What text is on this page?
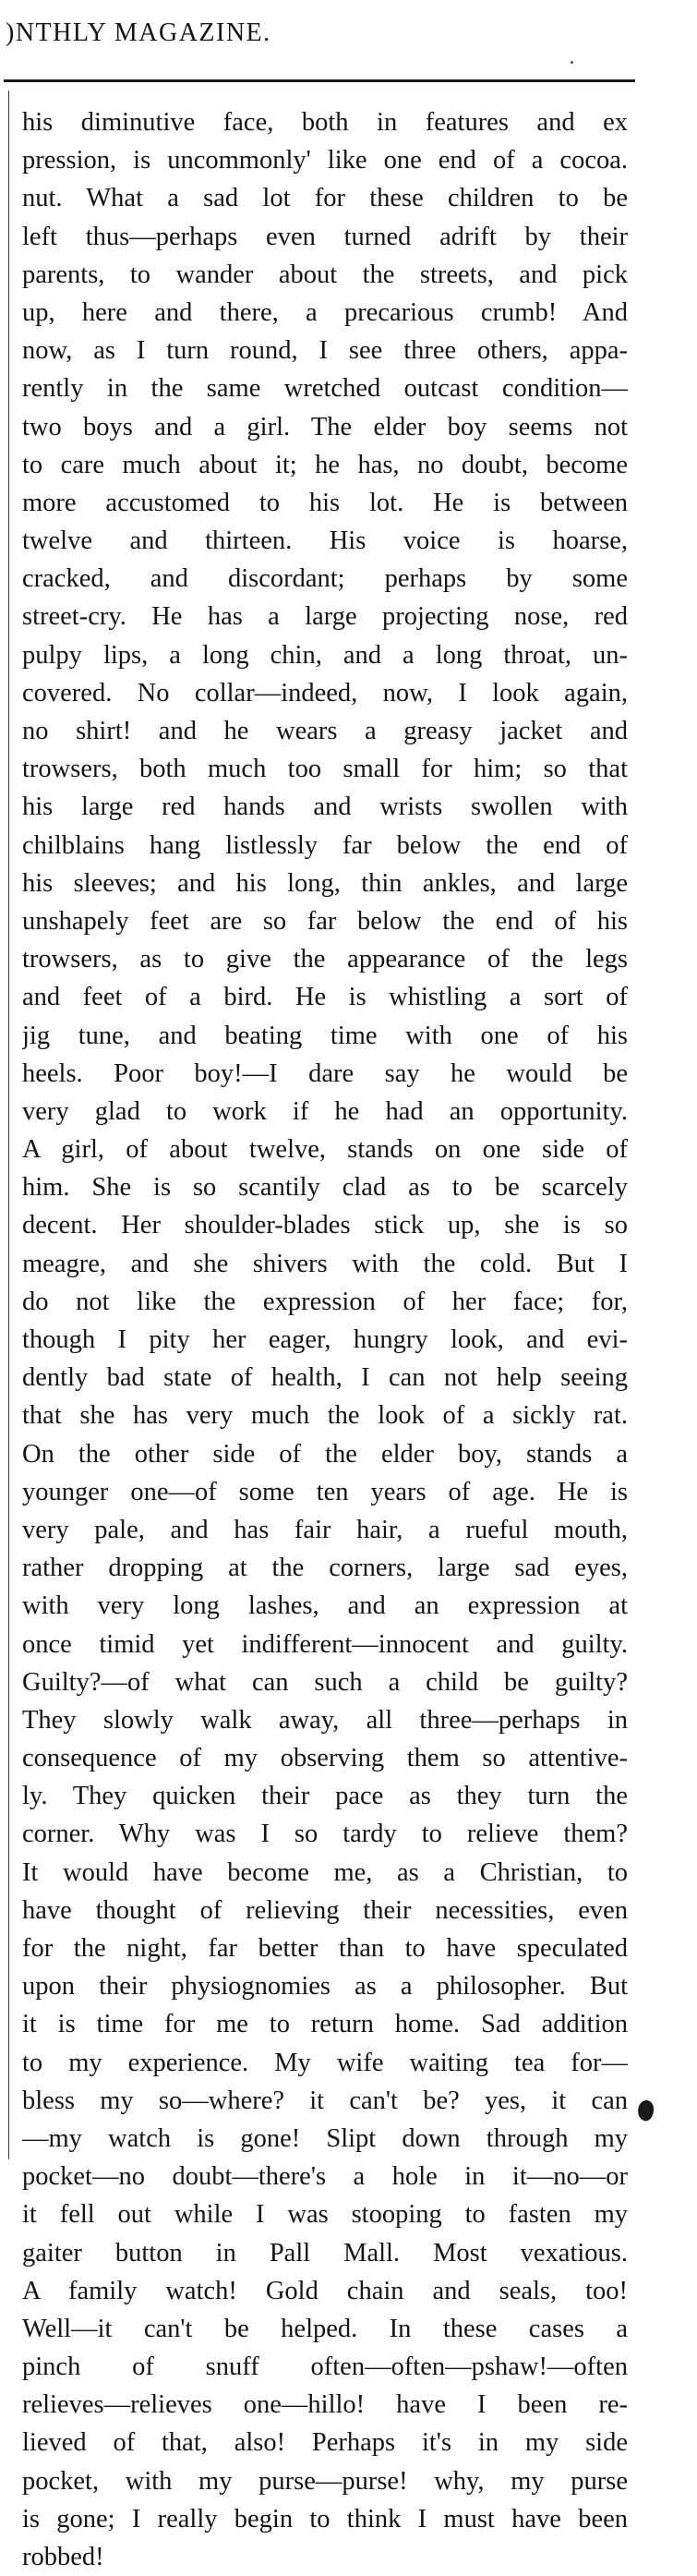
)NTHLY MAGAZINE.
his diminutive face, both in features and ex
pression, is uncommonly' like one end of a cocoa.
nut. What a sad lot for these children to be
left thus—perhaps even turned adrift by their
parents, to wander about the streets, and pick
up, here and there, a precarious crumb! And
now, as I turn round, I see three others, appa-
rently in the same wretched outcast condition—
two boys and a girl. The elder boy seems not
to care much about it; he has, no doubt, become
more accustomed to his lot. He is between
twelve and thirteen. His voice is hoarse,
cracked, and discordant; perhaps by some
street-cry. He has a large projecting nose, red
pulpy lips, a long chin, and a long throat, un-
covered. No collar—indeed, now, I look again,
no shirt! and he wears a greasy jacket and
trowsers, both much too small for him; so that
his large red hands and wrists swollen with
chilblains hang listlessly far below the end of
his sleeves; and his long, thin ankles, and large
unshapely feet are so far below the end of his
trowsers, as to give the appearance of the legs
and feet of a bird. He is whistling a sort of
jig tune, and beating time with one of his
heels. Poor boy!—I dare say he would be
very glad to work if he had an opportunity.
A girl, of about twelve, stands on one side of
him. She is so scantily clad as to be scarcely
decent. Her shoulder-blades stick up, she is so
meagre, and she shivers with the cold. But I
do not like the expression of her face; for,
though I pity her eager, hungry look, and evi-
dently bad state of health, I can not help seeing
that she has very much the look of a sickly rat.
On the other side of the elder boy, stands a
younger one—of some ten years of age. He is
very pale, and has fair hair, a rueful mouth,
rather dropping at the corners, large sad eyes,
with very long lashes, and an expression at
once timid yet indifferent—innocent and guilty.
Guilty?—of what can such a child be guilty?
They slowly walk away, all three—perhaps in
consequence of my observing them so attentive-
ly. They quicken their pace as they turn the
corner. Why was I so tardy to relieve them?
It would have become me, as a Christian, to
have thought of relieving their necessities, even
for the night, far better than to have speculated
upon their physiognomies as a philosopher. But
it is time for me to return home. Sad addition
to my experience. My wife waiting tea for—
bless my so—where? it can't be? yes, it can
—my watch is gone! Slipt down through my
pocket—no doubt—there's a hole in it—no—or
it fell out while I was stooping to fasten my
gaiter button in Pall Mall. Most vexatious.
A family watch! Gold chain and seals, too!
Well—it can't be helped. In these cases a
pinch of snuff often—often—pshaw!—often
relieves—relieves one—hillo! have I been re-
lieved of that, also! Perhaps it's in my side
pocket, with my purse—purse! why, my purse
is gone; I really begin to think I must have been
robbed!
